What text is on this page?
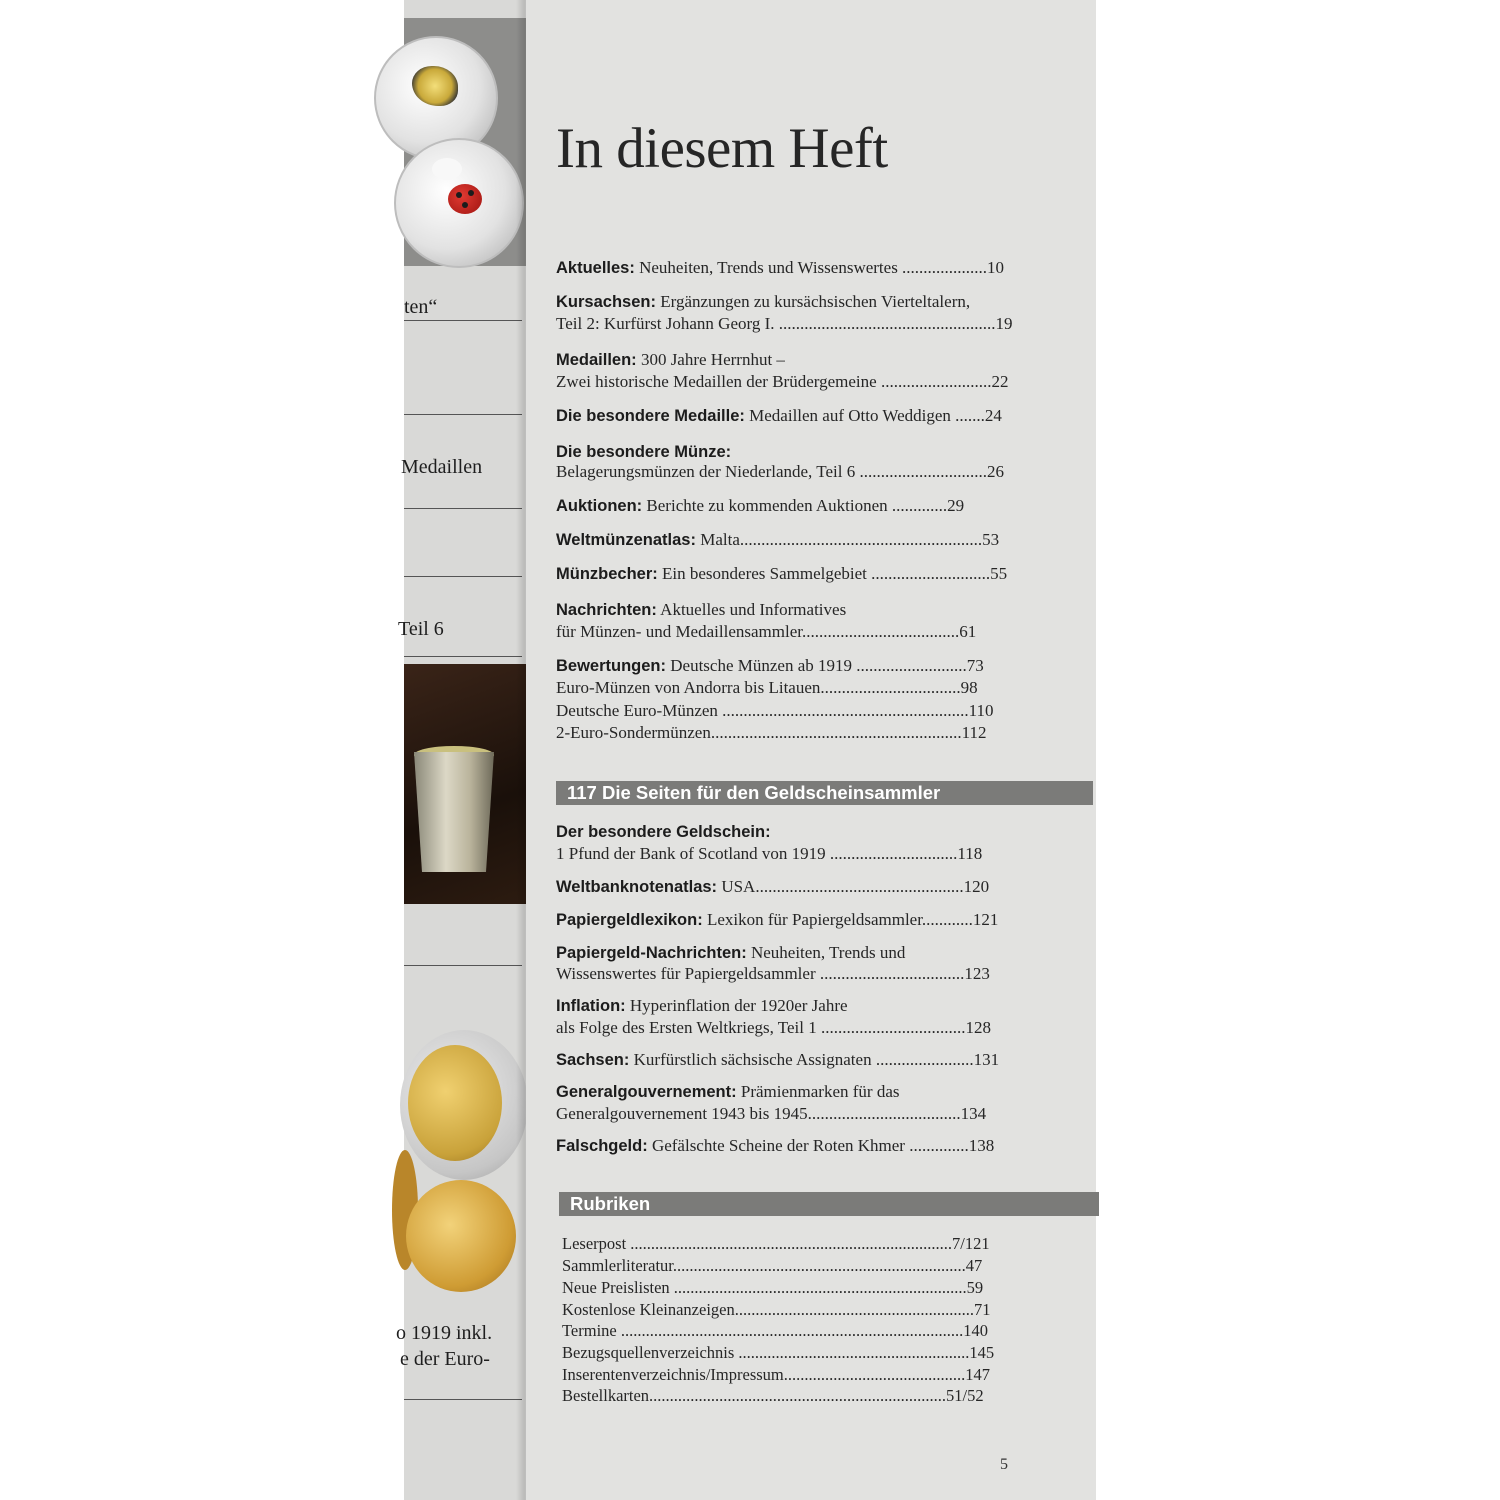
ten“
Medaillen
Teil 6
o 1919 inkl.
e der Euro-
In diesem Heft
Aktuelles: Neuheiten, Trends und Wissenswertes ....................10
Kursachsen: Ergänzungen zu kursächsischen Vierteltalern,
Teil 2: Kurfürst Johann Georg I. ...................................................19
Medaillen: 300 Jahre Herrnhut –
Zwei historische Medaillen der Brüdergemeine ..........................22
Die besondere Medaille: Medaillen auf Otto Weddigen .......24
Die besondere Münze:
Belagerungsmünzen der Niederlande, Teil 6 ..............................26
Auktionen: Berichte zu kommenden Auktionen .............29
Weltmünzenatlas: Malta.........................................................53
Münzbecher: Ein besonderes Sammelgebiet ............................55
Nachrichten: Aktuelles und Informatives
für Münzen- und Medaillensammler.....................................61
Bewertungen: Deutsche Münzen ab 1919 ..........................73
Euro-Münzen von Andorra bis Litauen.................................98
Deutsche Euro-Münzen ..........................................................110
2-Euro-Sondermünzen...........................................................112
117 Die Seiten für den Geldscheinsammler
Der besondere Geldschein:
1 Pfund der Bank of Scotland von 1919 ..............................118
Weltbanknotenatlas: USA.................................................120
Papiergeldlexikon: Lexikon für Papiergeldsammler............121
Papiergeld-Nachrichten: Neuheiten, Trends und
Wissenswertes für Papiergeldsammler ..................................123
Inflation: Hyperinflation der 1920er Jahre
als Folge des Ersten Weltkriegs, Teil 1 ..................................128
Sachsen: Kurfürstlich sächsische Assignaten .......................131
Generalgouvernement: Prämienmarken für das
Generalgouvernement 1943 bis 1945....................................134
Falschgeld: Gefälschte Scheine der Roten Khmer ..............138
Rubriken
Leserpost ..............................................................................7/121
Sammlerliteratur.......................................................................47
Neue Preislisten .......................................................................59
Kostenlose Kleinanzeigen..........................................................71
Termine ...................................................................................140
Bezugsquellenverzeichnis ........................................................145
Inserentenverzeichnis/Impressum............................................147
Bestellkarten........................................................................51/52
5
